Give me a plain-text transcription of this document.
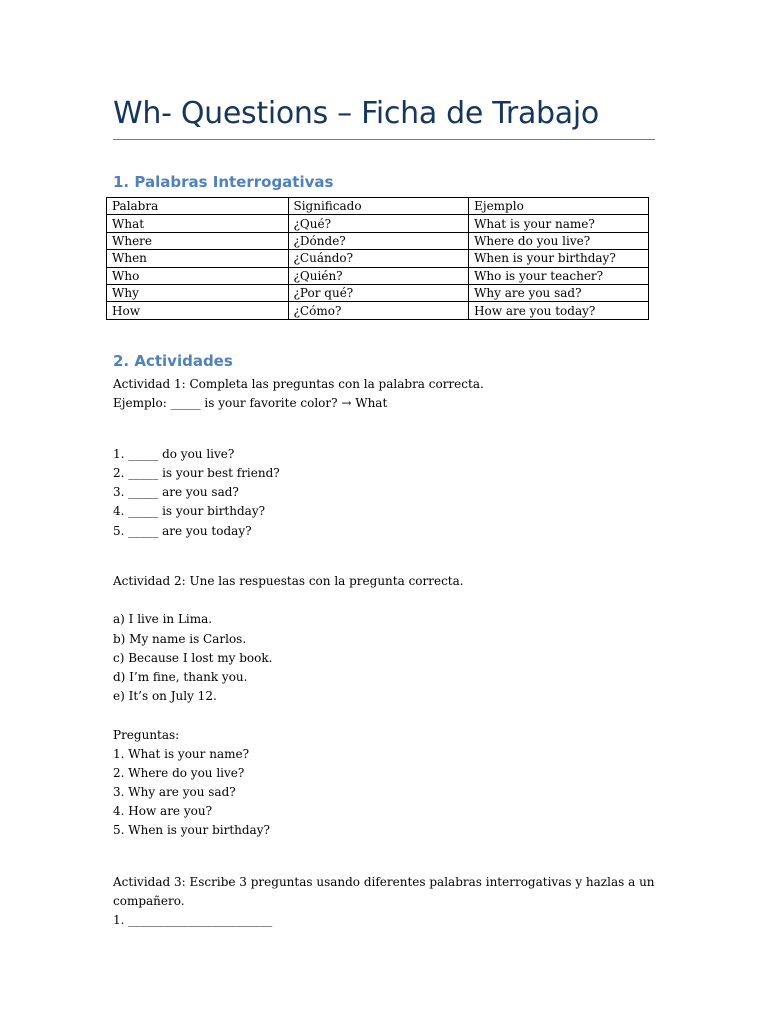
Wh- Questions – Ficha de Trabajo
1. Palabras Interrogativas
Palabra	Significado	Ejemplo
What	¿Qué?	What is your name?
Where	¿Dónde?	Where do you live?
When	¿Cuándo?	When is your birthday?
Who	¿Quién?	Who is your teacher?
Why	¿Por qué?	Why are you sad?
How	¿Cómo?	How are you today?
2. Actividades

Actividad 1: Completa las preguntas con la palabra correcta.

Ejemplo: _____ is your favorite color? → What

1. _____ do you live?

2. _____ is your best friend?

3. _____ are you sad?

4. _____ is your birthday?

5. _____ are you today?

Actividad 2: Une las respuestas con la pregunta correcta.

a) I live in Lima.

b) My name is Carlos.

c) Because I lost my book.

d) I’m fine, thank you.

e) It’s on July 12.

Preguntas:

1. What is your name?

2. Where do you live?

3. Why are you sad?

4. How are you?

5. When is your birthday?

Actividad 3: Escribe 3 preguntas usando diferentes palabras interrogativas y hazlas a un

compañero.

1. ________________________
